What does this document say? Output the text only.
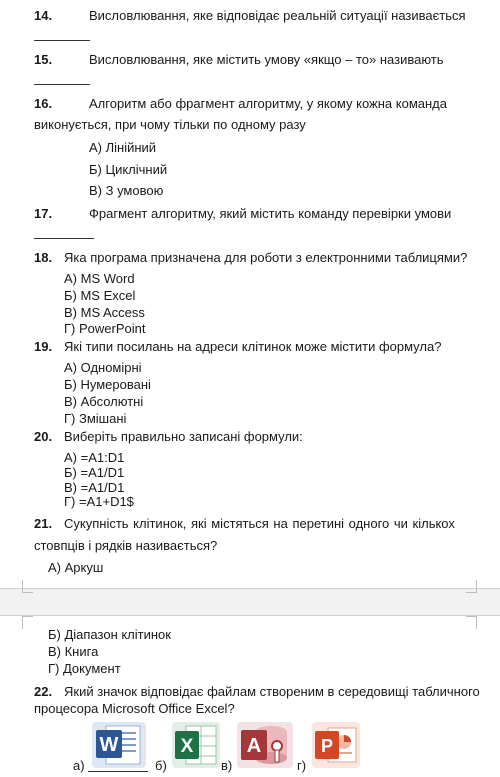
14.	Висловлювання, яке відповідає реальній ситуації називається
15.	Висловлювання, яке містить умову «якщо – то» називають
16.	Алгоритм або фрагмент алгоритму, у якому кожна команда
виконується, при чому тільки по одному разу
А) Лінійний
Б) Циклічний
В) З умовою
17.	Фрагмент алгоритму, який містить команду перевірки умови
18. Яка програма призначена для роботи з електронними таблицями?
А) MS Word
Б) MS Excel
В) MS Access
Г) PowerPoint
19. Які типи посилань на адреси клітинок може містити формула?
А) Одномірні
Б) Нумеровані
В) Абсолютні
Г) Змішані
20. Виберіть правильно записані формули:
А) =A1:D1
Б) =A1/D1
В) =A1/D1
Г) =A1+D1$
21. Сукупність клітинок, які містяться на перетині одного чи кількох
стовпців і рядків називається?
А) Аркуш
Б) Діапазон клітинок
В) Книга
Г) Документ
22. Який значок відповідає файлам створеним в середовищі табличного
процесора Microsoft Office Excel?
а)	б)	в)	г)
W	X	A	P
